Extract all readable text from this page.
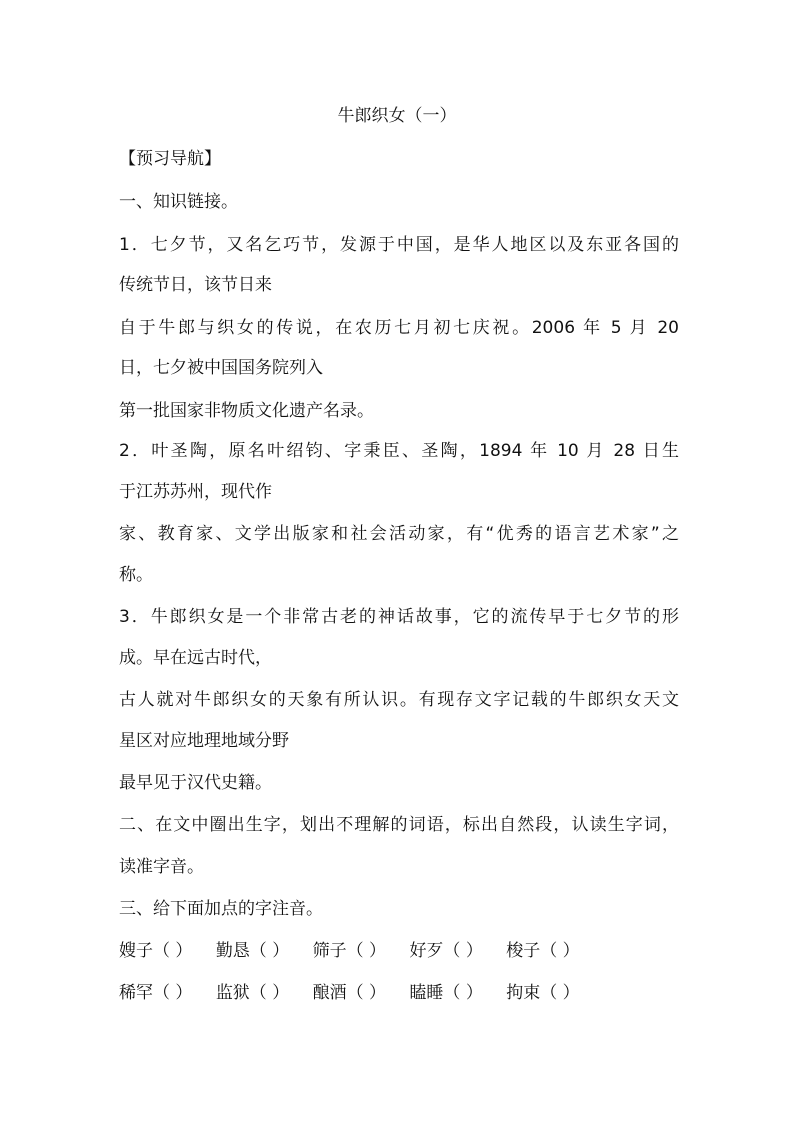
牛郎织女（一）
【预习导航】
一、知识链接。
1．七夕节，又名乞巧节，发源于中国，是华人地区以及东亚各国的
传统节日，该节日来
自于牛郎与织女的传说，在农历七月初七庆祝。2006 年 5 月 20
日，七夕被中国国务院列入
第一批国家非物质文化遗产名录。
2．叶圣陶，原名叶绍钧、字秉臣、圣陶，1894 年 10 月 28 日生
于江苏苏州，现代作
家、教育家、文学出版家和社会活动家，有“优秀的语言艺术家”之
称。
3．牛郎织女是一个非常古老的神话故事，它的流传早于七夕节的形
成。早在远古时代，
古人就对牛郎织女的天象有所认识。有现存文字记载的牛郎织女天文
星区对应地理地域分野
最早见于汉代史籍。
二、在文中圈出生字，划出不理解的词语，标出自然段，认读生字词，
读准字音。
三、给下面加点的字注音。
嫂子（ ） 勤恳（ ） 筛子（ ） 好歹（ ） 梭子（ ）
稀罕（ ） 监狱（ ） 酿酒（ ） 瞌睡（ ） 拘束（ ）
